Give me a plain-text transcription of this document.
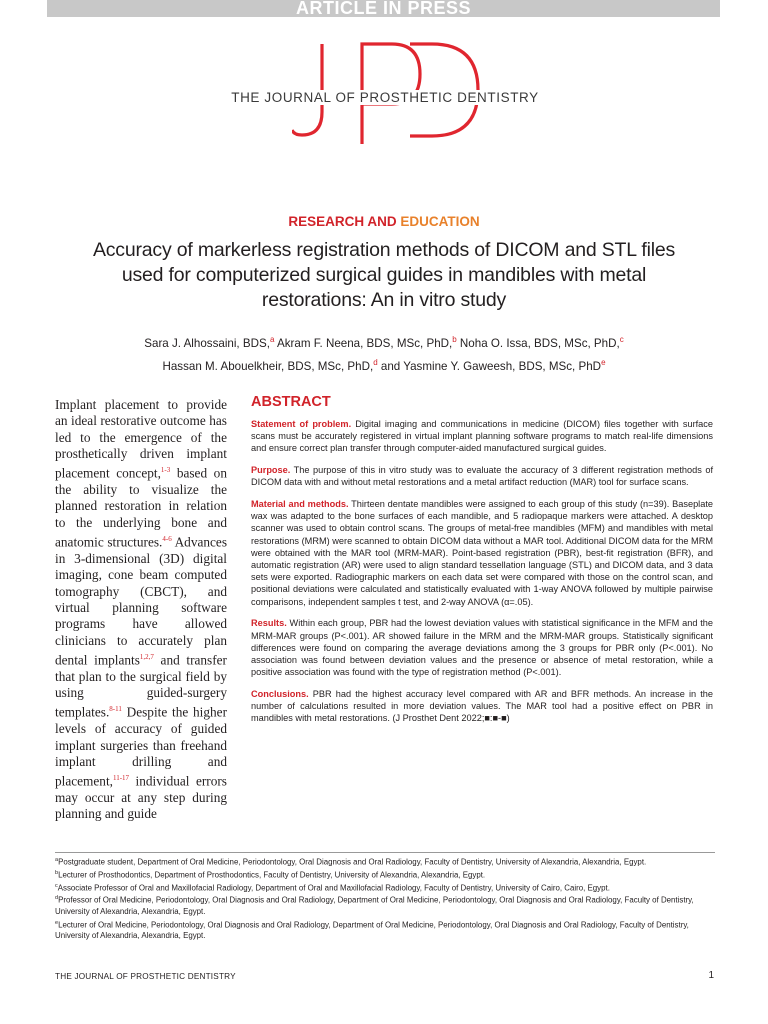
ARTICLE IN PRESS
THE JOURNAL OF PROSTHETIC DENTISTRY
RESEARCH AND EDUCATION
Accuracy of markerless registration methods of DICOM and STL files used for computerized surgical guides in mandibles with metal restorations: An in vitro study
Sara J. Alhossaini, BDS,$^a$ Akram F. Neena, BDS, MSc, PhD,$^b$ Noha O. Issa, BDS, MSc, PhD,$^c$
Hassan M. Abouelkheir, BDS, MSc, PhD,$^d$ and Yasmine Y. Gaweesh, BDS, MSc, PhD$^e$
Implant placement to provide an ideal restorative outcome has led to the emergence of the prosthetically driven implant placement concept,$^{1-3}$ based on the ability to visualize the planned restoration in relation to the underlying bone and anatomic structures.$^{4-6}$ Advances in 3-dimensional (3D) digital imaging, cone beam computed tomography (CBCT), and virtual planning software programs have allowed clinicians to accurately plan dental implants$^{1,2,7}$ and transfer that plan to the surgical field by using guided-surgery templates.$^{8-11}$ Despite the higher levels of accuracy of guided implant surgeries than freehand implant drilling and placement,$^{11-17}$ individual errors may occur at any step during planning and guide
ABSTRACT

Statement of problem. Digital imaging and communications in medicine (DICOM) files together with surface scans must be accurately registered in virtual implant planning software programs to match real-life dimensions and ensure correct plan transfer through computer-aided manufactured surgical guides.

Purpose. The purpose of this in vitro study was to evaluate the accuracy of 3 different registration methods of DICOM data with and without metal restorations and a metal artifact reduction (MAR) tool for surface scans.

Material and methods. Thirteen dentate mandibles were assigned to each group of this study (n=39). Baseplate wax was adapted to the bone surfaces of each mandible, and 5 radiopaque markers were attached. A desktop scanner was used to obtain control scans. The groups of metal-free mandibles (MFM) and mandibles with metal restorations (MRM) were scanned to obtain DICOM data without a MAR tool. Additional DICOM data for the MRM were obtained with the MAR tool (MRM-MAR). Point-based registration (PBR), best-fit registration (BFR), and automatic registration (AR) were used to align standard tessellation language (STL) and DICOM data, and 3 data sets were exported. Radiographic markers on each data set were compared with those on the control scan, and positional deviations were calculated and statistically evaluated with 1-way ANOVA followed by multiple pairwise comparisons, independent samples t test, and 2-way ANOVA (α=.05).

Results. Within each group, PBR had the lowest deviation values with statistical significance in the MFM and the MRM-MAR groups (P<.001). AR showed failure in the MRM and the MRM-MAR groups. Statistically significant differences were found on comparing the average deviations among the 3 groups for PBR only (P<.001). No association was found between deviation values and the presence or absence of metal restoration, while a positive association was found with the type of registration method (P<.001).

Conclusions. PBR had the highest accuracy level compared with AR and BFR methods. An increase in the number of calculations resulted in more deviation values. The MAR tool had a positive effect on PBR in mandibles with metal restorations. (J Prosthet Dent 2022;■:■-■)

$^a$Postgraduate student, Department of Oral Medicine, Periodontology, Oral Diagnosis and Oral Radiology, Faculty of Dentistry, University of Alexandria, Alexandria, Egypt.

$^b$Lecturer of Prosthodontics, Department of Prosthodontics, Faculty of Dentistry, University of Alexandria, Alexandria, Egypt.

$^c$Associate Professor of Oral and Maxillofacial Radiology, Department of Oral and Maxillofacial Radiology, Faculty of Dentistry, University of Cairo, Cairo, Egypt.

$^d$Professor of Oral Medicine, Periodontology, Oral Diagnosis and Oral Radiology, Department of Oral Medicine, Periodontology, Oral Diagnosis and Oral Radiology, Faculty of Dentistry, University of Alexandria, Alexandria, Egypt.

$^e$Lecturer of Oral Medicine, Periodontology, Oral Diagnosis and Oral Radiology, Department of Oral Medicine, Periodontology, Oral Diagnosis and Oral Radiology, Faculty of Dentistry, University of Alexandria, Alexandria, Egypt.

THE JOURNAL OF PROSTHETIC DENTISTRY	1
